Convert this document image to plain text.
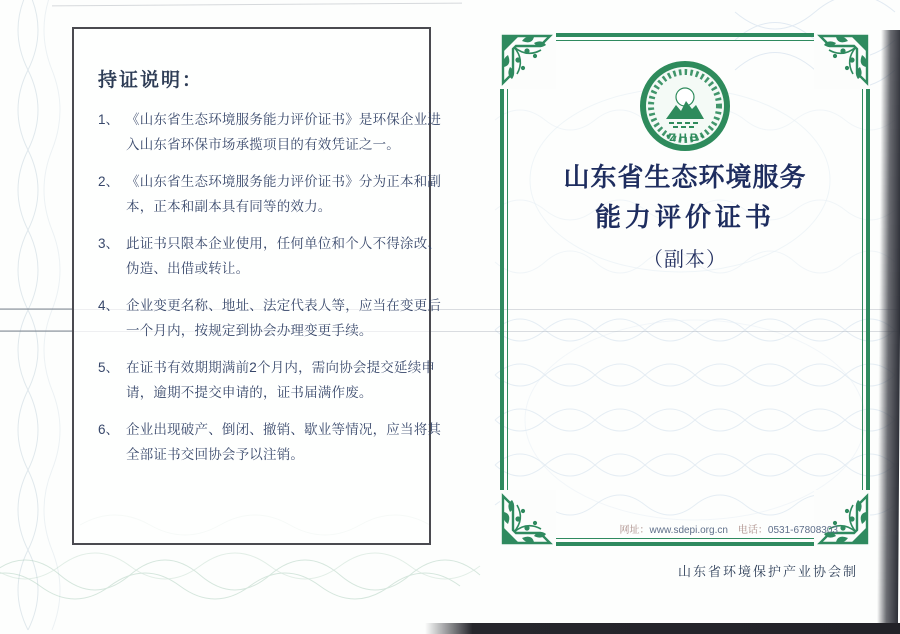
持证说明：
1、 《山东省生态环境服务能力评价证书》是环保企业进
入山东省环保市场承揽项目的有效凭证之一。
2、 《山东省生态环境服务能力评价证书》分为正本和副
本，正本和副本具有同等的效力。
3、 此证书只限本企业使用，任何单位和个人不得涂改、
伪造、出借或转让。
4、 企业变更名称、地址、法定代表人等，应当在变更后
一个月内，按规定到协会办理变更手续。
5、 在证书有效期期满前2个月内，需向协会提交延续申
请，逾期不提交申请的，证书届满作废。
6、 企业出现破产、倒闭、撤销、歇业等情况，应当将其
全部证书交回协会予以注销。
ZHB
山东省生态环境服务
能力评价证书
（副本）
网址：www.sdepi.org.cn 电话：0531-67808303
山东省环境保护产业协会制
